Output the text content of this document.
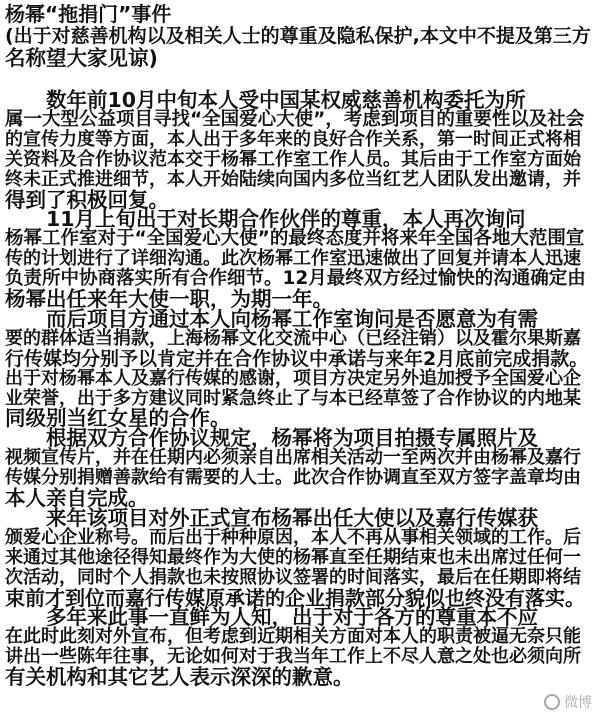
杨幂“拖捐门”事件
(出于对慈善机构以及相关人士的尊重及隐私保护,本文中不提及第三方
名称望大家见谅)
　　数年前10月中旬本人受中国某权威慈善机构委托为所
属一大型公益项目寻找“全国爱心大使”，考虑到项目的重要性以及社会
的宣传力度等方面，本人出于多年来的良好合作关系，第一时间正式将相
关资料及合作协议范本交于杨幂工作室工作人员。其后由于工作室方面始
终未正式推进细节，本人开始陆续向国内多位当红艺人团队发出邀请，并
得到了积极回复。
　　11月上旬出于对长期合作伙伴的尊重，本人再次询问
杨幂工作室对于“全国爱心大使”的最终态度并将来年全国各地大范围宣
传的计划进行了详细沟通。此次杨幂工作室迅速做出了回复并请本人迅速
负责所中协商落实所有合作细节。12月最终双方经过愉快的沟通确定由
杨幂出任来年大使一职，为期一年。
　　而后项目方通过本人向杨幂工作室询问是否愿意为有需
要的群体适当捐款，上海杨幂文化交流中心（已经注销）以及霍尔果斯嘉
行传媒均分别予以肯定并在合作协议中承诺与来年2月底前完成捐款。
出于对杨幂本人及嘉行传媒的感谢，项目方决定另外追加授予全国爱心企
业荣誉，出于多方建议同时紧急终止了与本已经草签了合作协议的内地某
同级别当红女星的合作。
　　根据双方合作协议规定，杨幂将为项目拍摄专属照片及
视频宣传片，并在任期内必须亲自出席相关活动一至两次并由杨幂及嘉行
传媒分别捐赠善款给有需要的人士。此次合作协调直至双方签字盖章均由
本人亲自完成。
　　来年该项目对外正式宣布杨幂出任大使以及嘉行传媒获
颁爱心企业称号。而后出于种种原因，本人不再从事相关领域的工作。后
来通过其他途径得知最终作为大使的杨幂直至任期结束也未出席过任何一
次活动，同时个人捐款也未按照协议签署的时间落实，最后在任期即将结
束前才到位而嘉行传媒原承诺的企业捐款部分貌似也终没有落实。
　　多年来此事一直鲜为人知，出于对于各方的尊重本不应
在此时此刻对外宣布，但考虑到近期相关方面对本人的职责被逼无奈只能
讲出一些陈年往事，无论如何对于我当年工作上不尽人意之处也必须向所
有关机构和其它艺人表示深深的歉意。
微博
